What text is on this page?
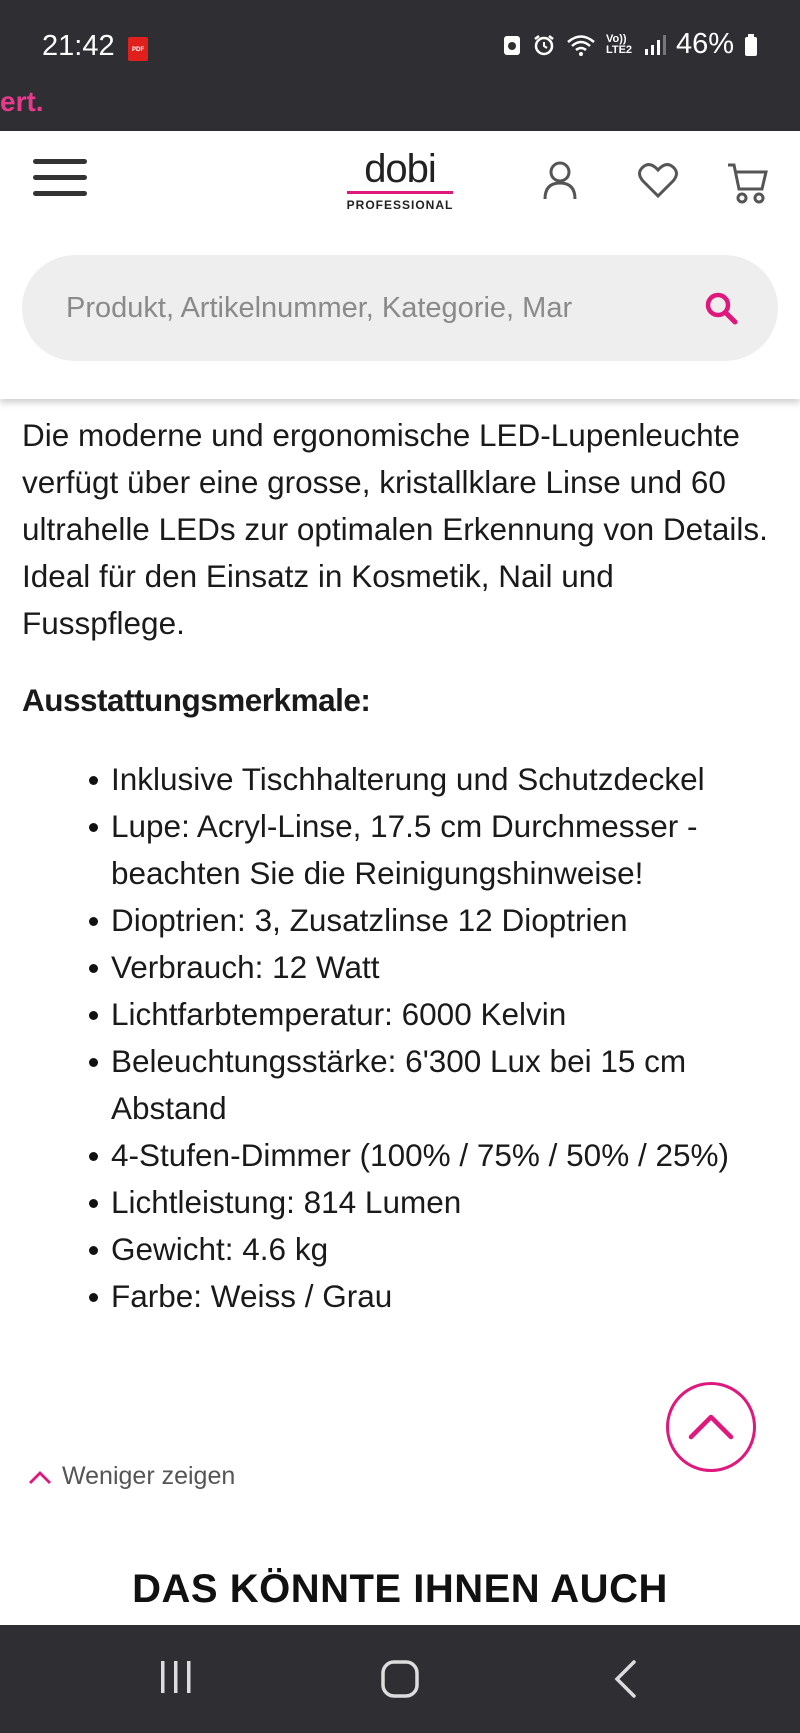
21:42	PDF
Vo)) LTE2 46%
ert.
dobi
PROFESSIONAL
Produkt, Artikelnummer, Kategorie, Mar

Die moderne und ergonomische LED-Lupenleuchte verfügt über eine grosse, kristallklare Linse und 60 ultrahelle LEDs zur optimalen Erkennung von Details. Ideal für den Einsatz in Kosmetik, Nail und Fusspflege.

Ausstattungsmerkmale:

Inklusive Tischhalterung und Schutzdeckel
Lupe: Acryl-Linse, 17.5 cm Durchmesser - beachten Sie die Reinigungshinweise!
Dioptrien: 3, Zusatzlinse 12 Dioptrien
Verbrauch: 12 Watt
Lichtfarbtemperatur: 6000 Kelvin
Beleuchtungsstärke: 6'300 Lux bei 15 cm Abstand
4-Stufen-Dimmer (100% / 75% / 50% / 25%)
Lichtleistung: 814 Lumen
Gewicht: 4.6 kg
Farbe: Weiss / Grau
Weniger zeigen
DAS KÖNNTE IHNEN AUCH
